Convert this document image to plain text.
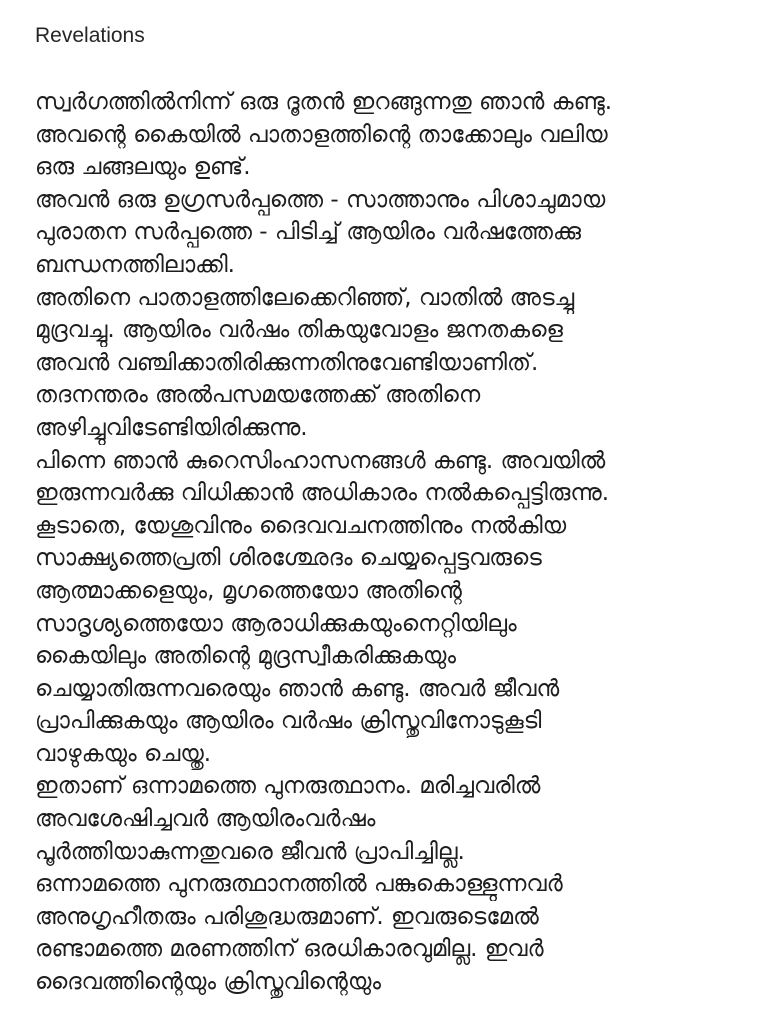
Revelations
സ്വർഗത്തിൽനിന്ന് ഒരു ദൂതൻ ഇറങ്ങുന്നതു ഞാൻ കണ്ടു.
അവന്റെ കൈയിൽ പാതാളത്തിന്റെ താക്കോലും വലിയ
ഒരു ചങ്ങലയും ഉണ്ട്.
അവൻ ഒരു ഉഗ്രസർപ്പത്തെ - സാത്താനും പിശാചുമായ
പുരാതന സർപ്പത്തെ - പിടിച്ച് ആയിരം വർഷത്തേക്കു
ബന്ധനത്തിലാക്കി.
അതിനെ പാതാളത്തിലേക്കെറിഞ്ഞ്, വാതിൽ അടച്ചു
മുദ്രവച്ചു. ആയിരം വർഷം തികയുവോളം ജനതകളെ
അവൻ വഞ്ചിക്കാതിരിക്കുന്നതിനുവേണ്ടിയാണിത്.
തദനന്തരം അൽപസമയത്തേക്ക് അതിനെ
അഴിച്ചുവിടേണ്ടിയിരിക്കുന്നു.
പിന്നെ ഞാൻ കുറെസിംഹാസനങ്ങൾ കണ്ടു. അവയിൽ
ഇരുന്നവർക്കു വിധിക്കാൻ അധികാരം നൽകപ്പെട്ടിരുന്നു.
കൂടാതെ, യേശുവിനും ദൈവവചനത്തിനും നൽകിയ
സാക്ഷ്യത്തെപ്രതി ശിരശ്ഛേദം ചെയ്യപ്പെട്ടവരുടെ
ആത്മാക്കളെയും, മൃഗത്തെയോ അതിന്റെ
സാദൃശ്യത്തെയോ ആരാധിക്കുകയുംനെറ്റിയിലും
കൈയിലും അതിന്റെ മുദ്രസ്വീകരിക്കുകയും
ചെയ്യാതിരുന്നവരെയും ഞാൻ കണ്ടു. അവർ ജീവൻ
പ്രാപിക്കുകയും ആയിരം വർഷം ക്രിസ്തുവിനോടുകൂടി
വാഴുകയും ചെയ്തു.
ഇതാണ് ഒന്നാമത്തെ പുനരുത്ഥാനം. മരിച്ചവരിൽ
അവശേഷിച്ചവർ ആയിരംവർഷം
പൂർത്തിയാകുന്നതുവരെ ജീവൻ പ്രാപിച്ചില്ല.
ഒന്നാമത്തെ പുനരുത്ഥാനത്തിൽ പങ്കുകൊള്ളുന്നവർ
അനുഗൃഹീതരും പരിശുദ്ധരുമാണ്. ഇവരുടെമേൽ
രണ്ടാമത്തെ മരണത്തിന് ഒരധികാരവുമില്ല. ഇവർ
ദൈവത്തിന്റെയും ക്രിസ്തുവിന്റെയും
